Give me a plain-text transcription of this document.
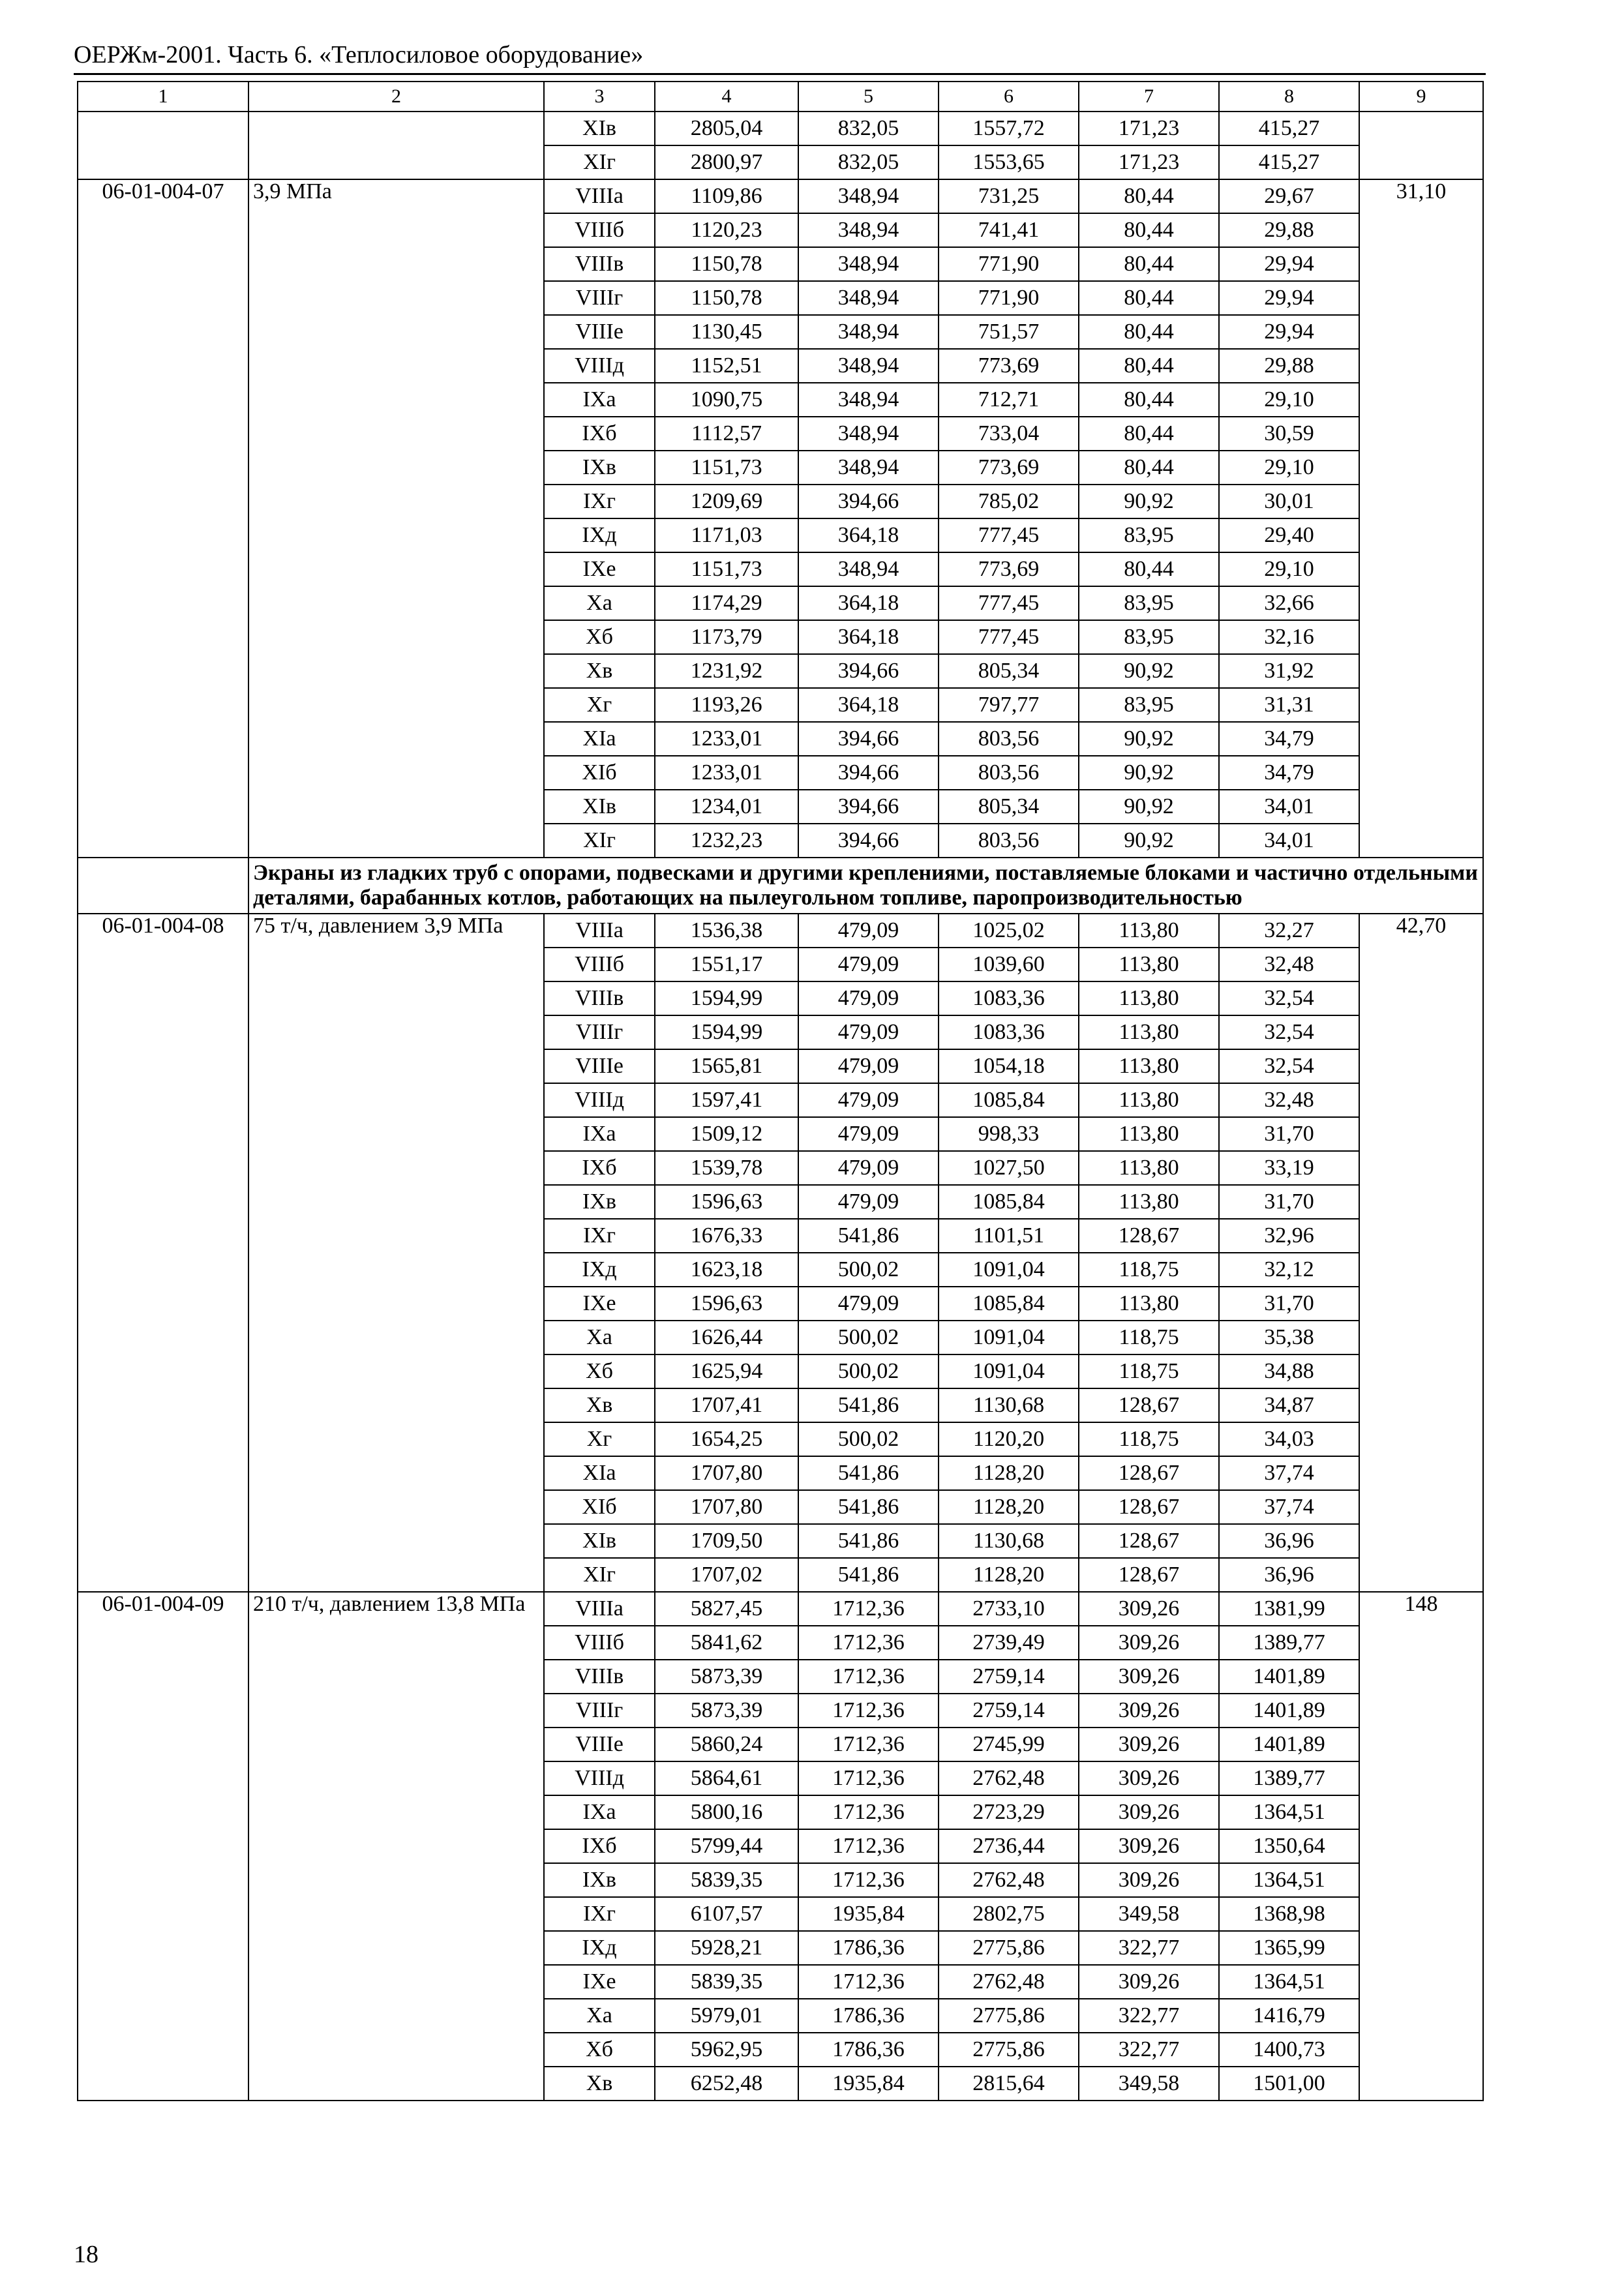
ОЕРЖм-2001. Часть 6. «Теплосиловое оборудование»
1	2	3	4	5	6	7	8	9
		XIв	2805,04	832,05	1557,72	171,23	415,27	
		XIг	2800,97	832,05	1553,65	171,23	415,27	
06-01-004-07	3,9 МПа	VIIIа	1109,86	348,94	731,25	80,44	29,67	31,10
		VIIIб	1120,23	348,94	741,41	80,44	29,88	
		VIIIв	1150,78	348,94	771,90	80,44	29,94	
		VIIIг	1150,78	348,94	771,90	80,44	29,94	
		VIIIе	1130,45	348,94	751,57	80,44	29,94	
		VIIIд	1152,51	348,94	773,69	80,44	29,88	
		IXа	1090,75	348,94	712,71	80,44	29,10	
		IXб	1112,57	348,94	733,04	80,44	30,59	
		IXв	1151,73	348,94	773,69	80,44	29,10	
		IXг	1209,69	394,66	785,02	90,92	30,01	
		IXд	1171,03	364,18	777,45	83,95	29,40	
		IXе	1151,73	348,94	773,69	80,44	29,10	
		Xа	1174,29	364,18	777,45	83,95	32,66	
		Xб	1173,79	364,18	777,45	83,95	32,16	
		Xв	1231,92	394,66	805,34	90,92	31,92	
		Xг	1193,26	364,18	797,77	83,95	31,31	
		XIа	1233,01	394,66	803,56	90,92	34,79	
		XIб	1233,01	394,66	803,56	90,92	34,79	
		XIв	1234,01	394,66	805,34	90,92	34,01	
		XIг	1232,23	394,66	803,56	90,92	34,01	
	Экраны из гладких труб с опорами, подвесками и другими креплениями, поставляемые блоками и частично отдельными деталями, барабанных котлов, работающих на пылеугольном топливе, паропроизводительностью							
06-01-004-08	75 т/ч, давлением 3,9 МПа	VIIIа	1536,38	479,09	1025,02	113,80	32,27	42,70
		VIIIб	1551,17	479,09	1039,60	113,80	32,48	
		VIIIв	1594,99	479,09	1083,36	113,80	32,54	
		VIIIг	1594,99	479,09	1083,36	113,80	32,54	
		VIIIе	1565,81	479,09	1054,18	113,80	32,54	
		VIIIд	1597,41	479,09	1085,84	113,80	32,48	
		IXа	1509,12	479,09	998,33	113,80	31,70	
		IXб	1539,78	479,09	1027,50	113,80	33,19	
		IXв	1596,63	479,09	1085,84	113,80	31,70	
		IXг	1676,33	541,86	1101,51	128,67	32,96	
		IXд	1623,18	500,02	1091,04	118,75	32,12	
		IXе	1596,63	479,09	1085,84	113,80	31,70	
		Xа	1626,44	500,02	1091,04	118,75	35,38	
		Xб	1625,94	500,02	1091,04	118,75	34,88	
		Xв	1707,41	541,86	1130,68	128,67	34,87	
		Xг	1654,25	500,02	1120,20	118,75	34,03	
		XIа	1707,80	541,86	1128,20	128,67	37,74	
		XIб	1707,80	541,86	1128,20	128,67	37,74	
		XIв	1709,50	541,86	1130,68	128,67	36,96	
		XIг	1707,02	541,86	1128,20	128,67	36,96	
06-01-004-09	210 т/ч, давлением 13,8 МПа	VIIIа	5827,45	1712,36	2733,10	309,26	1381,99	148
		VIIIб	5841,62	1712,36	2739,49	309,26	1389,77	
		VIIIв	5873,39	1712,36	2759,14	309,26	1401,89	
		VIIIг	5873,39	1712,36	2759,14	309,26	1401,89	
		VIIIе	5860,24	1712,36	2745,99	309,26	1401,89	
		VIIIд	5864,61	1712,36	2762,48	309,26	1389,77	
		IXа	5800,16	1712,36	2723,29	309,26	1364,51	
		IXб	5799,44	1712,36	2736,44	309,26	1350,64	
		IXв	5839,35	1712,36	2762,48	309,26	1364,51	
		IXг	6107,57	1935,84	2802,75	349,58	1368,98	
		IXд	5928,21	1786,36	2775,86	322,77	1365,99	
		IXе	5839,35	1712,36	2762,48	309,26	1364,51	
		Xа	5979,01	1786,36	2775,86	322,77	1416,79	
		Xб	5962,95	1786,36	2775,86	322,77	1400,73	
		Xв	6252,48	1935,84	2815,64	349,58	1501,00	
18
